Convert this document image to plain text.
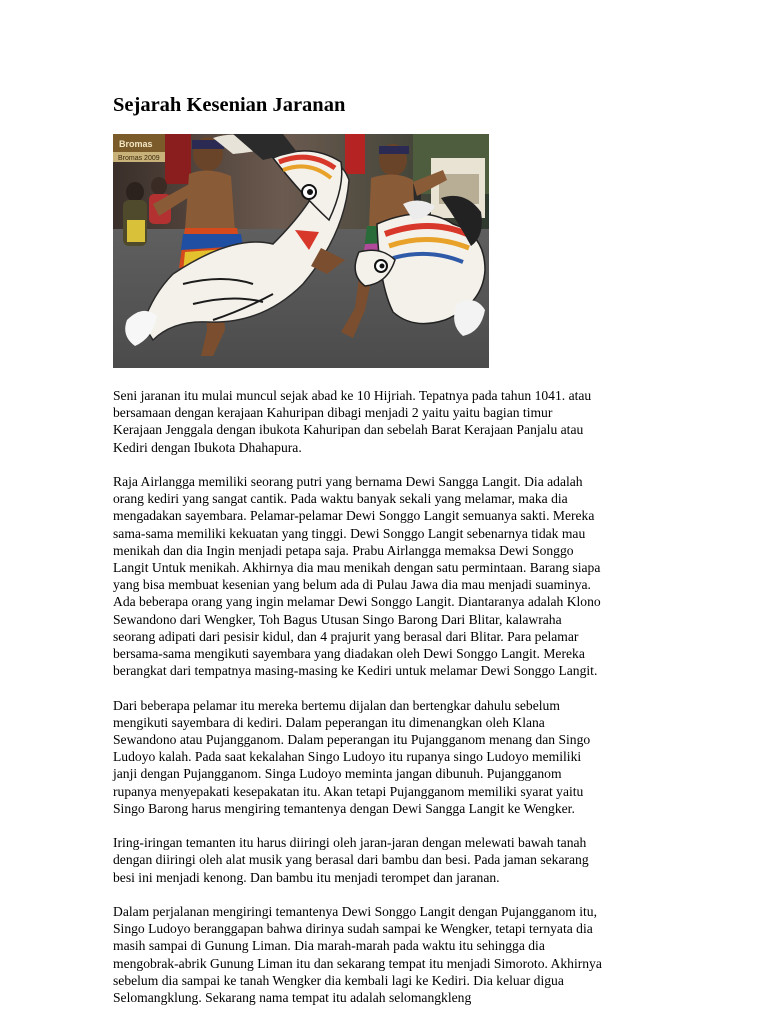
Sejarah Kesenian Jaranan
Bromas
Bromas 2009

Seni jaranan itu mulai muncul sejak abad ke 10 Hijriah. Tepatnya pada tahun 1041. atau
bersamaan dengan kerajaan Kahuripan dibagi menjadi 2 yaitu yaitu bagian timur
Kerajaan Jenggala dengan ibukota Kahuripan dan sebelah Barat Kerajaan Panjalu atau
Kediri dengan Ibukota Dhahapura.

Raja Airlangga memiliki seorang putri yang bernama Dewi Sangga Langit. Dia adalah
orang kediri yang sangat cantik. Pada waktu banyak sekali yang melamar, maka dia
mengadakan sayembara. Pelamar-pelamar Dewi Songgo Langit semuanya sakti. Mereka
sama-sama memiliki kekuatan yang tinggi. Dewi Songgo Langit sebenarnya tidak mau
menikah dan dia Ingin menjadi petapa saja. Prabu Airlangga memaksa Dewi Songgo
Langit Untuk menikah. Akhirnya dia mau menikah dengan satu permintaan. Barang siapa
yang bisa membuat kesenian yang belum ada di Pulau Jawa dia mau menjadi suaminya.
Ada beberapa orang yang ingin melamar Dewi Songgo Langit. Diantaranya adalah Klono
Sewandono dari Wengker, Toh Bagus Utusan Singo Barong Dari Blitar, kalawraha
seorang adipati dari pesisir kidul, dan 4 prajurit yang berasal dari Blitar. Para pelamar
bersama-sama mengikuti sayembara yang diadakan oleh Dewi Songgo Langit. Mereka
berangkat dari tempatnya masing-masing ke Kediri untuk melamar Dewi Songgo Langit.

Dari beberapa pelamar itu mereka bertemu dijalan dan bertengkar dahulu sebelum
mengikuti sayembara di kediri. Dalam peperangan itu dimenangkan oleh Klana
Sewandono atau Pujangganom. Dalam peperangan itu Pujangganom menang dan Singo
Ludoyo kalah. Pada saat kekalahan Singo Ludoyo itu rupanya singo Ludoyo memiliki
janji dengan Pujangganom. Singa Ludoyo meminta jangan dibunuh. Pujangganom
rupanya menyepakati kesepakatan itu. Akan tetapi Pujangganom memiliki syarat yaitu
Singo Barong harus mengiring temantenya dengan Dewi Sangga Langit ke Wengker.

Iring-iringan temanten itu harus diiringi oleh jaran-jaran dengan melewati bawah tanah
dengan diiringi oleh alat musik yang berasal dari bambu dan besi. Pada jaman sekarang
besi ini menjadi kenong. Dan bambu itu menjadi terompet dan jaranan.

Dalam perjalanan mengiringi temantenya Dewi Songgo Langit dengan Pujangganom itu,
Singo Ludoyo beranggapan bahwa dirinya sudah sampai ke Wengker, tetapi ternyata dia
masih sampai di Gunung Liman. Dia marah-marah pada waktu itu sehingga dia
mengobrak-abrik Gunung Liman itu dan sekarang tempat itu menjadi Simoroto. Akhirnya
sebelum dia sampai ke tanah Wengker dia kembali lagi ke Kediri. Dia keluar digua
Selomangklung. Sekarang nama tempat itu adalah selomangkleng
